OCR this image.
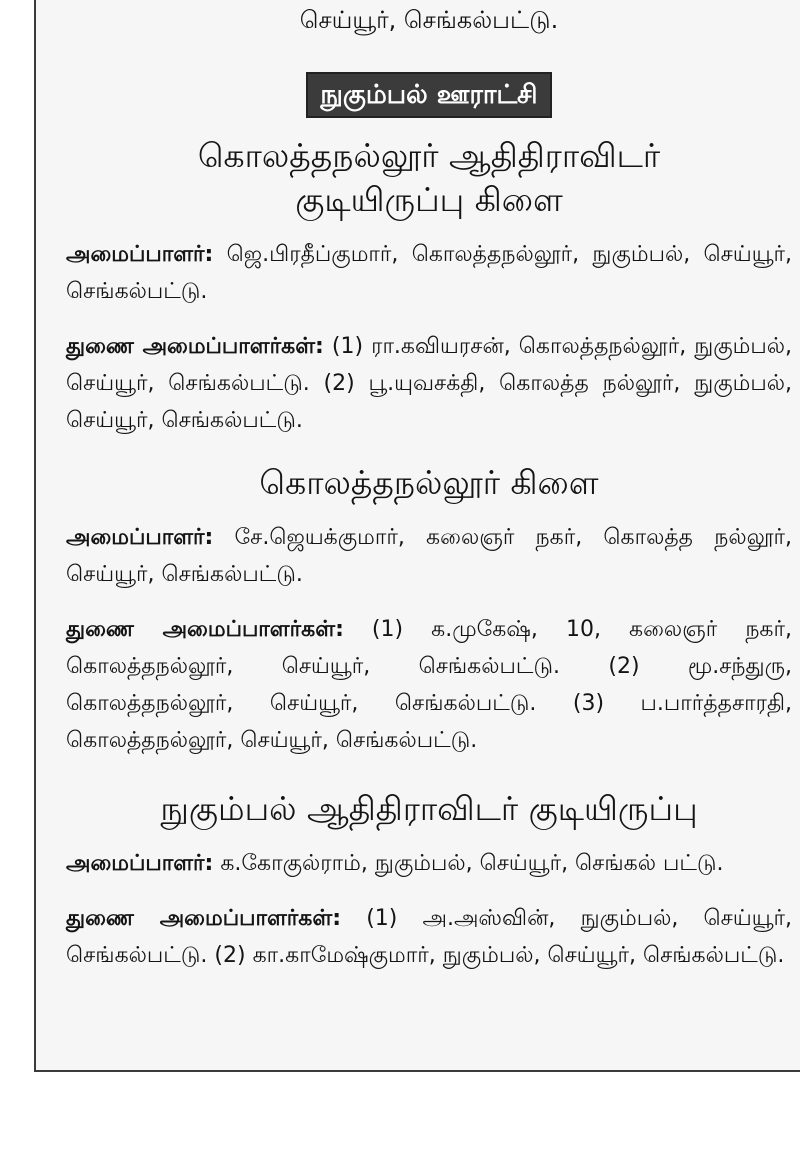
செய்யூர், செங்கல்பட்டு.

நுகும்பல் ஊராட்சி
கொலத்தநல்லூர் ஆதிதிராவிடர்
குடியிருப்பு கிளை

அமைப்பாளர்: ஜெ.பிரதீப்குமார், கொலத்தநல்லூர், நுகும்பல், செய்யூர், செங்கல்பட்டு.

துணை அமைப்பாளர்கள்: (1) ரா.கவியரசன், கொலத்தநல்லூர், நுகும்பல், செய்யூர், செங்கல்பட்டு. (2) பூ.யுவசக்தி, கொலத்த நல்லூர், நுகும்பல், செய்யூர், செங்கல்பட்டு.

கொலத்தநல்லூர் கிளை

அமைப்பாளர்: சே.ஜெயக்குமார், கலைஞர் நகர், கொலத்த நல்லூர், செய்யூர், செங்கல்பட்டு.

துணை அமைப்பாளர்கள்: (1) க.முகேஷ், 10, கலைஞர் நகர், கொலத்தநல்லூர், செய்யூர், செங்கல்பட்டு. (2) மூ.சந்துரு, கொலத்தநல்லூர், செய்யூர், செங்கல்பட்டு. (3) ப.பார்த்தசாரதி, கொலத்தநல்லூர், செய்யூர், செங்கல்பட்டு.

நுகும்பல் ஆதிதிராவிடர் குடியிருப்பு

அமைப்பாளர்: க.கோகுல்ராம், நுகும்பல், செய்யூர், செங்கல் பட்டு.

துணை அமைப்பாளர்கள்: (1) அ.அஸ்வின், நுகும்பல், செய்யூர், செங்கல்பட்டு. (2) கா.காமேஷ்குமார், நுகும்பல், செய்யூர், செங்கல்பட்டு.
